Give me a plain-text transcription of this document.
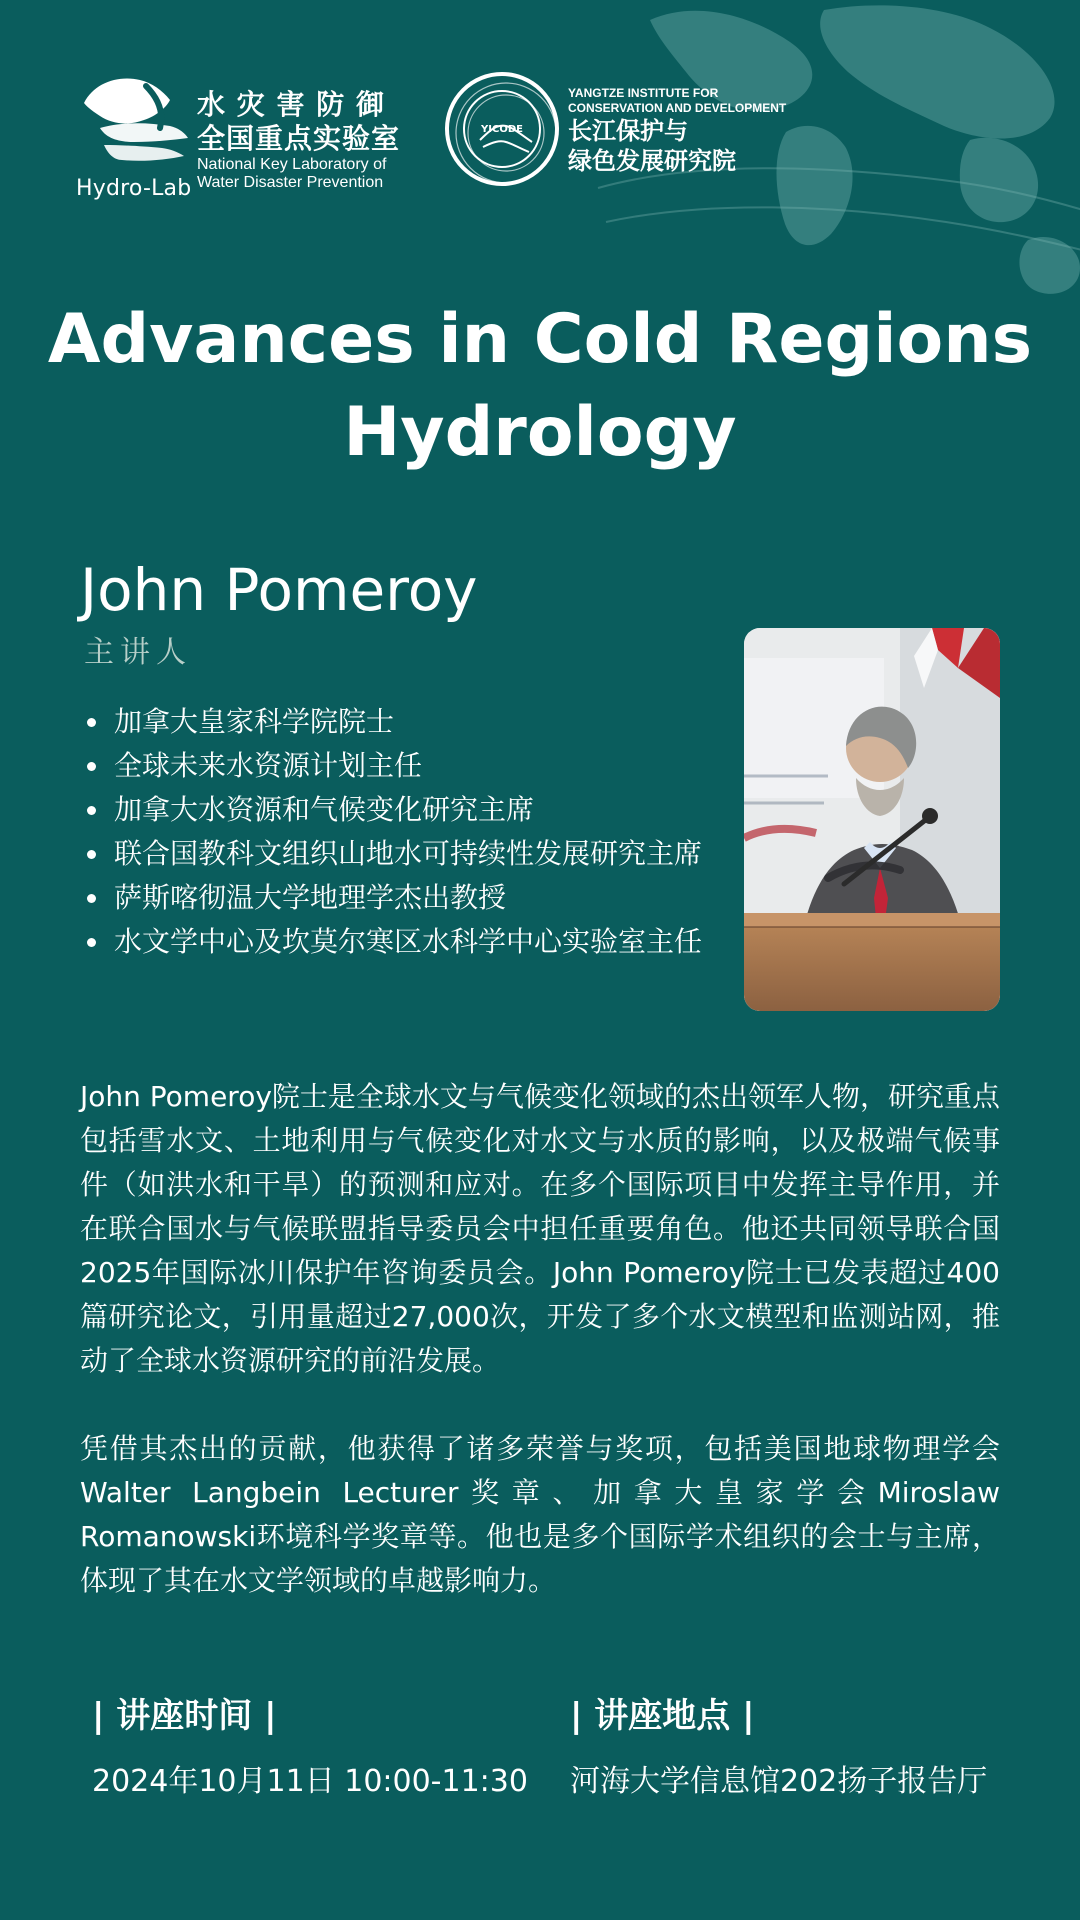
Hydro-Lab
水 灾 害 防 御
全国重点实验室
National Key Laboratory of
Water Disaster Prevention
YICODE
YANGTZE INSTITUTE FOR
CONSERVATION AND DEVELOPMENT
长江保护与
绿色发展研究院
Advances in Cold Regions
Hydrology
John Pomeroy
主讲人
加拿大皇家科学院院士
全球未来水资源计划主任
加拿大水资源和气候变化研究主席
联合国教科文组织山地水可持续性发展研究主席
萨斯喀彻温大学地理学杰出教授
水文学中心及坎莫尔寒区水科学中心实验室主任

John Pomeroy院士是全球水文与气候变化领域的杰出领军人物，研究重点包括雪水文、土地利用与气候变化对水文与水质的影响，以及极端气候事件（如洪水和干旱）的预测和应对。在多个国际项目中发挥主导作用，并在联合国水与气候联盟指导委员会中担任重要角色。他还共同领导联合国2025年国际冰川保护年咨询委员会。John Pomeroy院士已发表超过400篇研究论文，引用量超过27,000次，开发了多个水文模型和监测站网，推动了全球水资源研究的前沿发展。

凭借其杰出的贡献，他获得了诸多荣誉与奖项，包括美国地球物理学会Walter Langbein Lecturer奖章、加拿大皇家学会Miroslaw Romanowski环境科学奖章等。他也是多个国际学术组织的会士与主席，体现了其在水文学领域的卓越影响力。

| 讲座时间 |	| 讲座地点 |
2024年10月11日 10:00-11:30 河海大学信息馆202扬子报告厅
